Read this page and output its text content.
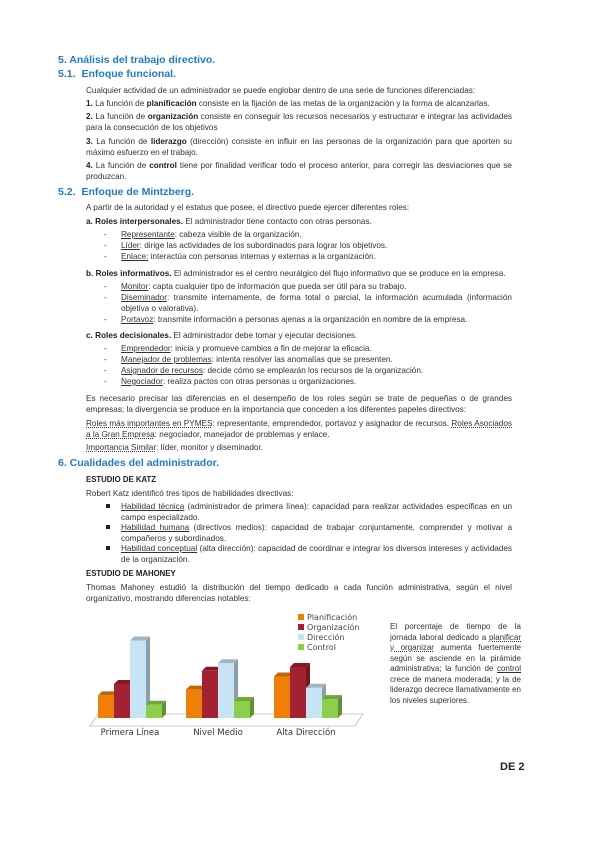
5. Análisis del trabajo directivo.
5.1. Enfoque funcional.
Cualquier actividad de un administrador se puede englobar dentro de una serie de funciones diferenciadas:
1. La función de planificación consiste en la fijación de las metas de la organización y la forma de alcanzarlas.
2. La función de organización consiste en conseguir los recursos necesarios y estructurar e integrar las actividades para la consecución de los objetivos
3. La función de liderazgo (dirección) consiste en influir en las personas de la organización para que aporten su máximo esfuerzo en el trabajo.
4. La función de control tiene por finalidad verificar todo el proceso anterior, para corregir las desviaciones que se produzcan.
5.2. Enfoque de Mintzberg.
A partir de la autoridad y el estatus que posee, el directivo puede ejercer diferentes roles:
a. Roles interpersonales. El administrador tiene contacto con otras personas.
- Representante: cabeza visible de la organización.
- Líder: dirige las actividades de los subordinados para lograr los objetivos.
- Enlace: interactúa con personas internas y externas a la organización.
b. Roles informativos. El administrador es el centro neurálgico del flujo informativo que se produce en la empresa.
- Monitor: capta cualquier tipo de información que pueda ser útil para su trabajo.
- Diseminador: transmite internamente, de forma total o parcial, la información acumulada (información objetiva o valorativa).
- Portavoz: transmite información a personas ajenas a la organización en nombre de la empresa.
c. Roles decisionales. El administrador debe tomar y ejecutar decisiones.
- Emprendedor: inicia y promueve cambios a fin de mejorar la eficacia.
- Manejador de problemas: intenta resolver las anomalías que se presenten.
- Asignador de recursos: decide cómo se emplearán los recursos de la organización.
- Negociador: realiza pactos con otras personas u organizaciones.
Es necesario precisar las diferencias en el desempeño de los roles según se trate de pequeñas o de grandes empresas; la divergencia se produce en la importancia que conceden a los diferentes papeles directivos:
Roles más importantes en PYMES: representante, emprendedor, portavoz y asignador de recursos. Roles Asociados a la Gran Empresa: negociador, manejador de problemas y enlace.
Importancia Similar: líder, monitor y diseminador.
6. Cualidades del administrador.
ESTUDIO DE KATZ
Robert Katz identificó tres tipos de habilidades directivas:
Habilidad técnica (administrador de primera línea): capacidad para realizar actividades específicas en un campo especializado.
Habilidad humana (directivos medios): capacidad de trabajar conjuntamente, comprender y motivar a compañeros y subordinados.
Habilidad conceptual (alta dirección): capacidad de coordinar e integrar los diversos intereses y actividades de la organización.
ESTUDIO DE MAHONEY
Thomas Mahoney estudió la distribución del tiempo dedicado a cada función administrativa, según el nivel organizativo, mostrando diferencias notables:
Primera Línea	Nivel Medio	Alta Dirección
Planificación
Organización
Dirección
Control
El porcentaje de tiempo de la jornada laboral dedicado a planificar y organizar aumenta fuertemente según se asciende en la pirámide administrativa; la función de control crece de manera moderada; y la de liderazgo decrece llamativamente en los niveles superiores.
DE 2
